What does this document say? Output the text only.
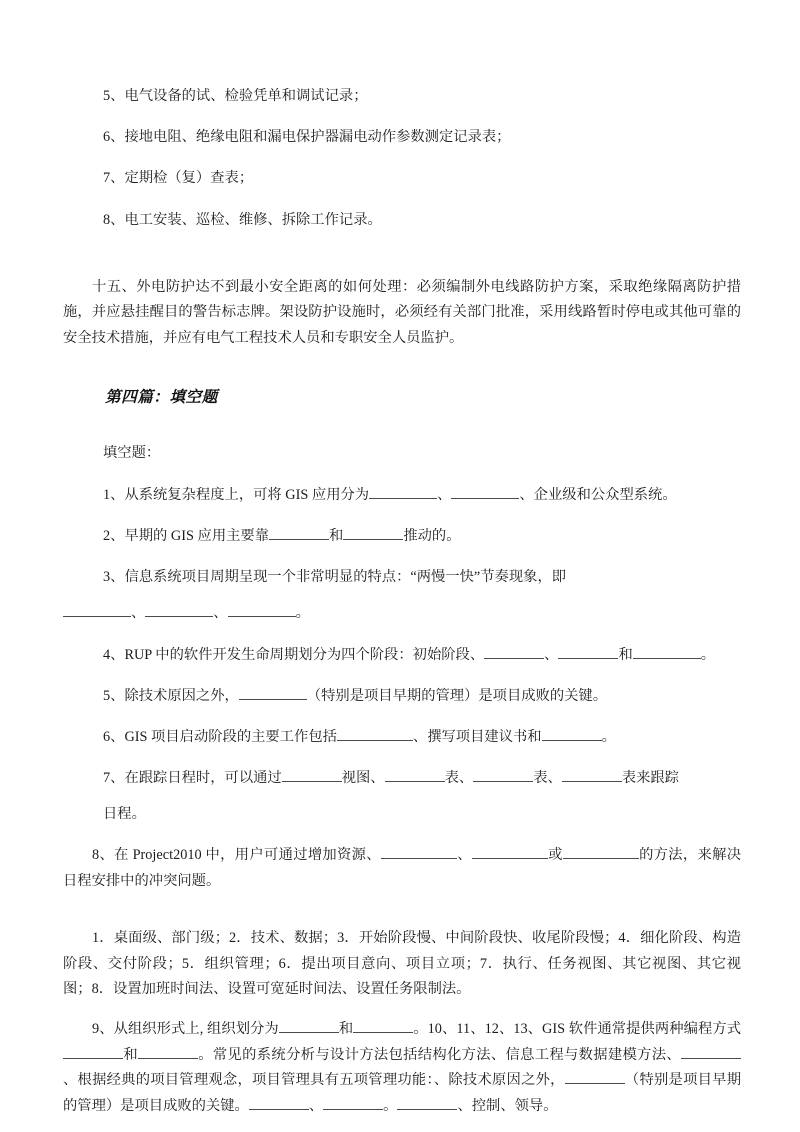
5、电气设备的试、检验凭单和调试记录；
6、接地电阻、绝缘电阻和漏电保护器漏电动作参数测定记录表；
7、定期检（复）查表；
8、电工安装、巡检、维修、拆除工作记录。

十五、外电防护达不到最小安全距离的如何处理：必须编制外电线路防护方案，采取绝缘隔离防护措施，并应悬挂醒目的警告标志牌。架设防护设施时，必须经有关部门批准，采用线路暂时停电或其他可靠的安全技术措施，并应有电气工程技术人员和专职安全人员监护。

第四篇：填空题

填空题：
1、从系统复杂程度上，可将 GIS 应用分为	、	、企业级和公众型系统。
2、早期的 GIS 应用主要靠	和	推动的。
3、信息系统项目周期呈现一个非常明显的特点：“两慢一快”节奏现象，即
、	、	。
4、RUP 中的软件开发生命周期划分为四个阶段：初始阶段、	、	和	。
5、除技术原因之外，	（特别是项目早期的管理）是项目成败的关键。
6、GIS 项目启动阶段的主要工作包括	、撰写项目建议书和	。
7、在跟踪日程时，可以通过	视图、	表、	表、	表来跟踪
日程。

8、在 Project2010 中，用户可通过增加资源、	、	或	的方法，来解决日程安排中的冲突问题。

1．桌面级、部门级；2．技术、数据；3．开始阶段慢、中间阶段快、收尾阶段慢；4．细化阶段、构造阶段、交付阶段；5．组织管理；6．提出项目意向、项目立项；7．执行、任务视图、其它视图、其它视图；8．设置加班时间法、设置可宽延时间法、设置任务限制法。

9、从组织形式上, 组织划分为	和	。10、11、12、13、GIS 软件通常提供两种编程方式和	。常见的系统分析与设计方法包括结构化方法、信息工程与数据建模方法、、根据经典的项目管理观念，项目管理具有五项管理功能：、除技术原因之外，	（特别是项目早期的管理）是项目成败的关键。	、	。	、控制、领导。
